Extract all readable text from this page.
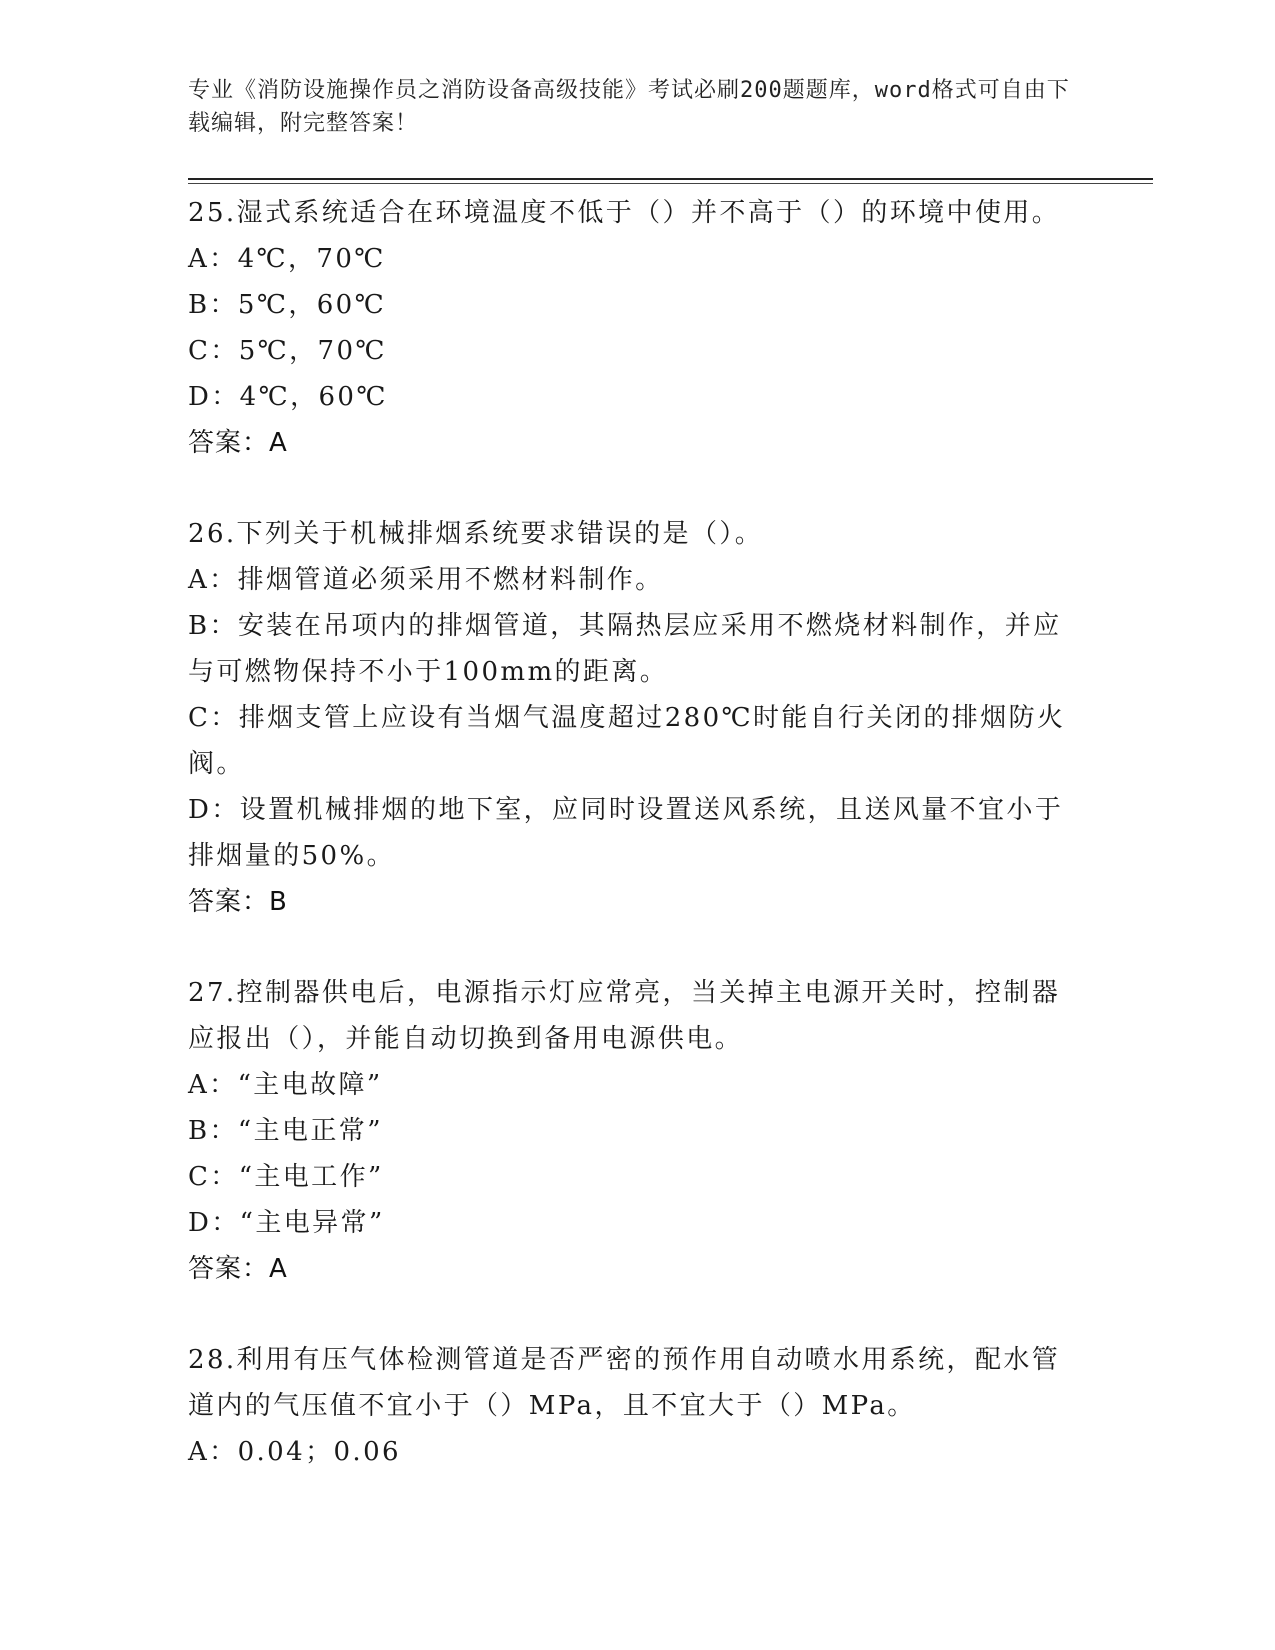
专业《消防设施操作员之消防设备高级技能》考试必刷200题题库，word格式可自由下载编辑，附完整答案！
25.湿式系统适合在环境温度不低于（）并不高于（）的环境中使用。
A：4℃，70℃
B：5℃，60℃
C：5℃，70℃
D：4℃，60℃
答案：A
26.下列关于机械排烟系统要求错误的是（）。
A：排烟管道必须采用不燃材料制作。
B：安装在吊项内的排烟管道，其隔热层应采用不燃烧材料制作，并应与可燃物保持不小于100mm的距离。
C：排烟支管上应设有当烟气温度超过280℃时能自行关闭的排烟防火阀。
D：设置机械排烟的地下室，应同时设置送风系统，且送风量不宜小于排烟量的50%。
答案：B
27.控制器供电后，电源指示灯应常亮，当关掉主电源开关时，控制器应报出（），并能自动切换到备用电源供电。
A：“主电故障”
B：“主电正常”
C：“主电工作”
D：“主电异常”
答案：A
28.利用有压气体检测管道是否严密的预作用自动喷水用系统，配水管道内的气压值不宜小于（）MPa，且不宜大于（）MPa。
A：0.04；0.06
